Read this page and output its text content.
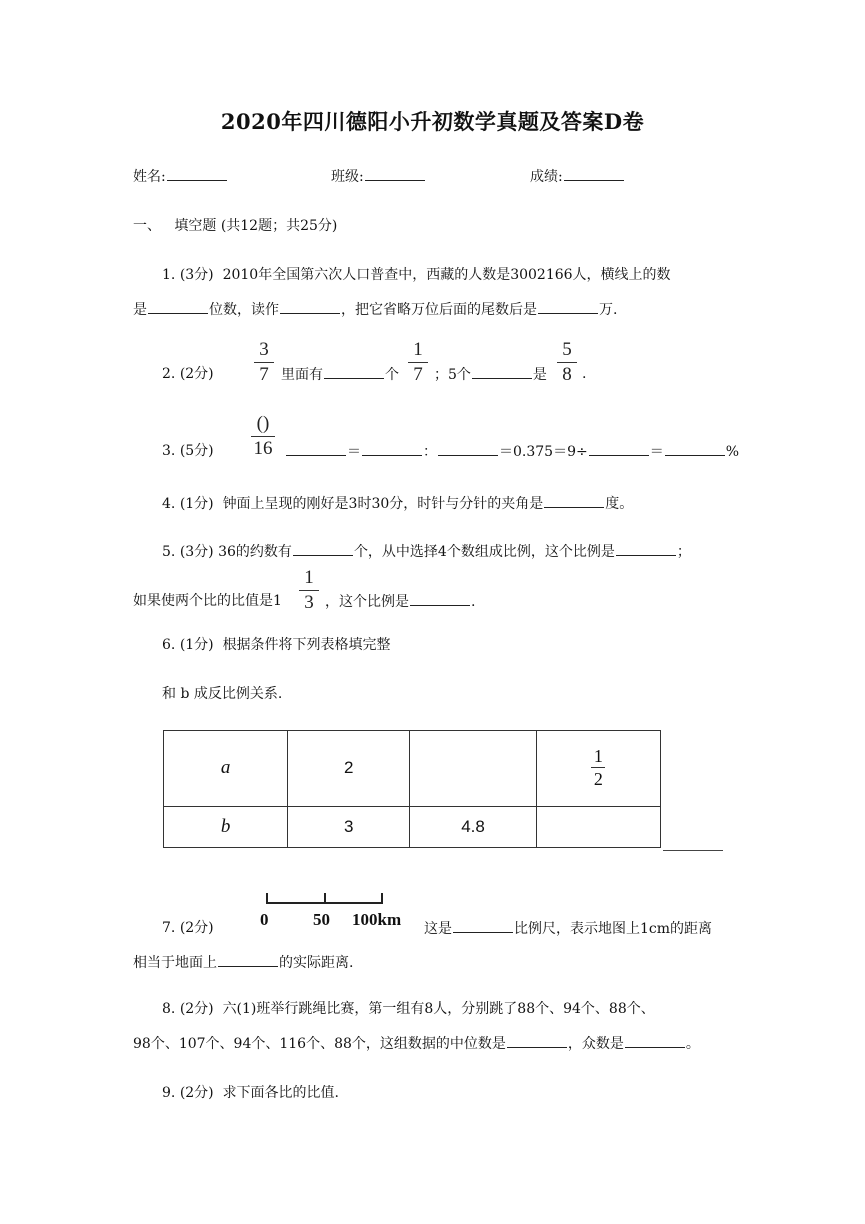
2020年四川德阳小升初数学真题及答案D卷
姓名:	班级:	成绩:
一、 填空题 (共12题；共25分)
1. (3分) 2010年全国第六次人口普查中，西藏的人数是3002166人，横线上的数
是	位数，读作	，把它省略万位后面的尾数后是	万.
2. (2分)
3
7 里面有	个
1
7 ；5个	是
5
8 .
3. (5分)
()
16	＝	：	＝0.375＝9÷	＝	%
4. (1分) 钟面上呈现的刚好是3时30分，时针与分针的夹角是	度。
5. (3分) 36的约数有	个，从中选择4个数组成比例，这个比例是	；
如果使两个比的比值是1
1
3 ，这个比例是	.
6. (1分) 根据条件将下列表格填完整
和 b 成反比例关系.
a	2		$\frac{1}{2}$

b	3	4.8	
0	50 100km
7. (2分)	这是	比例尺，表示地图上1cm的距离
相当于地面上	的实际距离.
8. (2分) 六(1)班举行跳绳比赛，第一组有8人，分别跳了88个、94个、88个、
98个、107个、94个、116个、88个，这组数据的中位数是	，众数是	。
9. (2分) 求下面各比的比值.
